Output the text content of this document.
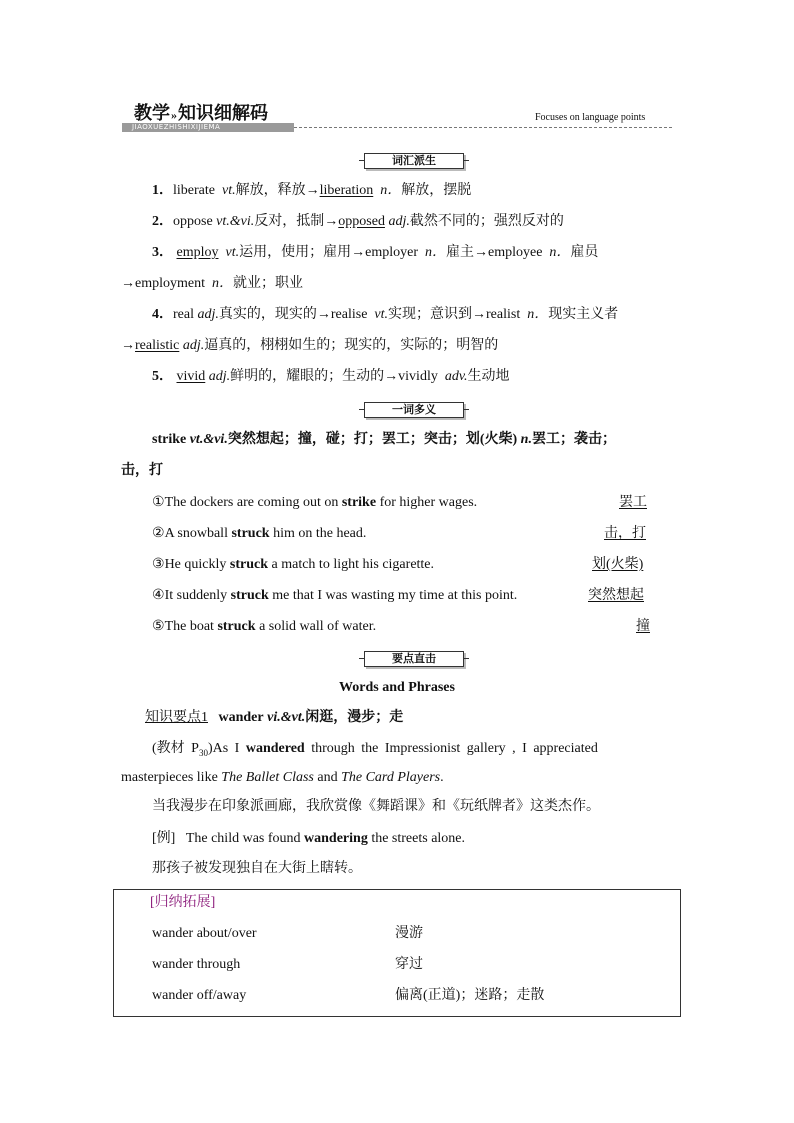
教学»知识细解码
JIAOXUEZHISHIXIJIEMA
Focuses on language points
词汇派生
1．liberate vt.解放，释放→liberation n．解放，摆脱
2．oppose vt.&vi.反对，抵制→opposed adj.截然不同的；强烈反对的
3． employ vt.运用，使用；雇用→employer n．雇主→employee n．雇员
→employment n．就业；职业
4．real adj.真实的，现实的→realise vt.实现；意识到→realist n．现实主义者
→realistic adj.逼真的，栩栩如生的；现实的，实际的；明智的
5． vivid adj.鲜明的，耀眼的；生动的→vividly adv.生动地
一词多义
strike vt.&vi.突然想起；撞，碰；打；罢工；突击；划(火柴) n.罢工；袭击；
击，打
①The dockers are coming out on strike for higher wages.	罢工
②A snowball struck him on the head.	击，打
③He quickly struck a match to light his cigarette.	划(火柴)
④It suddenly struck me that I was wasting my time at this point.	突然想起
⑤The boat struck a solid wall of water.	撞
要点直击
Words and Phrases
知识要点1 wander vi.&vt.闲逛，漫步；走
(教材 $P_{30})As$ I wandered through the Impressionist gallery , I appreciated
masterpieces like The Ballet Class and The Card Players.
当我漫步在印象派画廊，我欣赏像《舞蹈课》和《玩纸牌者》这类杰作。
[例] The child was found wandering the streets alone.
那孩子被发现独自在大街上瞎转。
[归纳拓展]
wander about/over	漫游
wander through	穿过
wander off/away	偏离(正道)；迷路；走散
